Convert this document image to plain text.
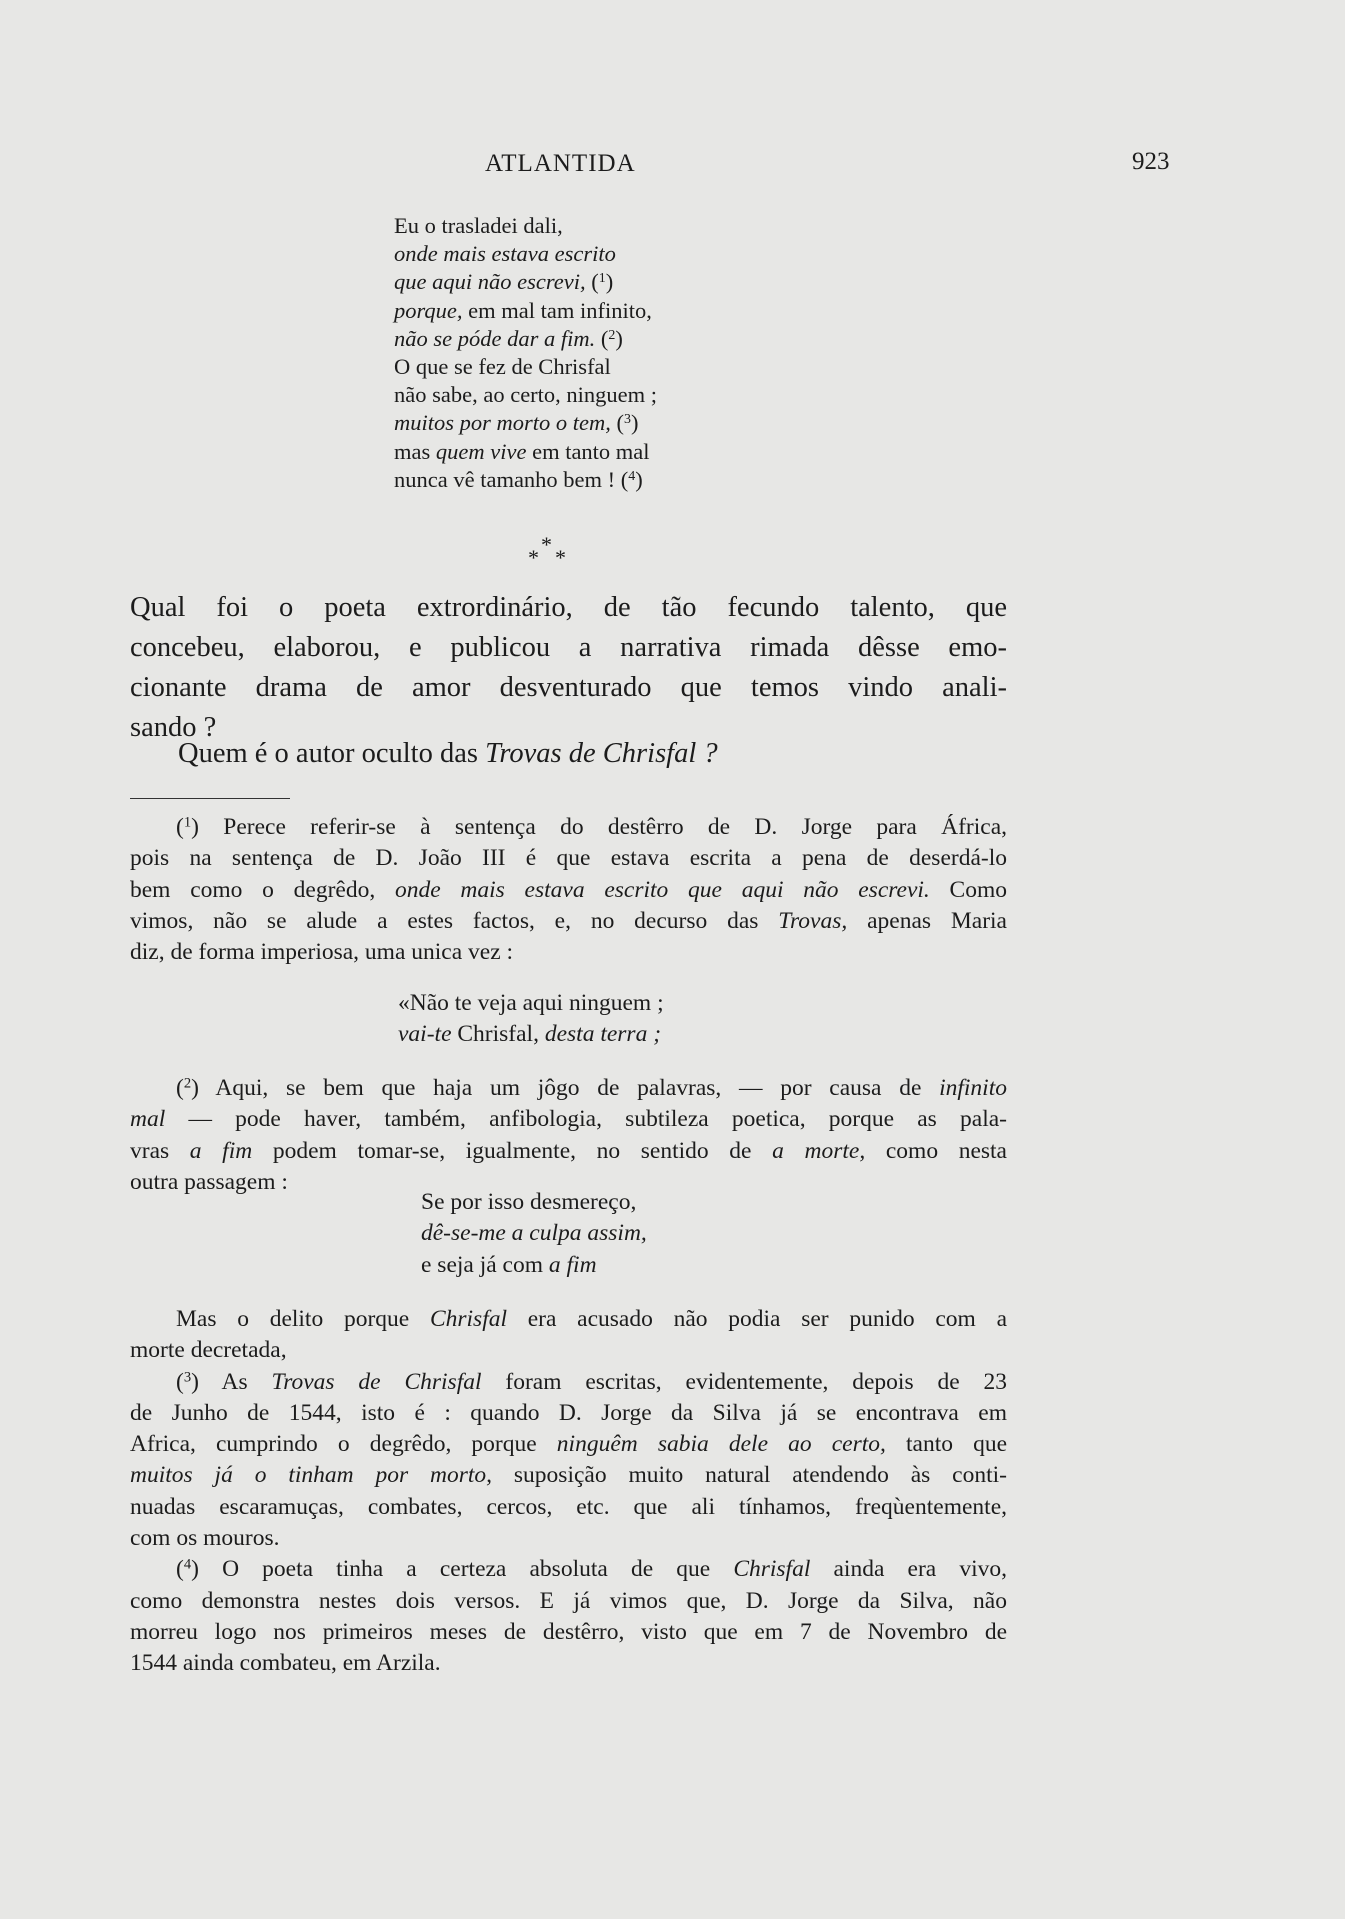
ATLANTIDA	923
Eu o trasladei dali,
onde mais estava escrito
que aqui não escrevi, ($^1$)
porque, em mal tam infinito,
não se póde dar a fim. ($^2$)
O que se fez de Chrisfal
não sabe, ao certo, ninguem ;
muitos por morto o tem, ($^3$)
mas quem vive em tanto mal
nunca vê tamanho bem ! ($^4$)
*
* *
Qual foi o poeta extrordinário, de tão fecundo talento, que
concebeu, elaborou, e publicou a narrativa rimada dêsse emo-
cionante drama de amor desventurado que temos vindo anali-
sando ?
Quem é o autor oculto das Trovas de Chrisfal ?
($^1$) Perece referir-se à sentença do destêrro de D. Jorge para África,
pois na sentença de D. João III é que estava escrita a pena de deserdá-lo
bem como o degrêdo, onde mais estava escrito que aqui não escrevi. Como
vimos, não se alude a estes factos, e, no decurso das Trovas, apenas Maria
diz, de forma imperiosa, uma unica vez :
«Não te veja aqui ninguem ;
vai-te Chrisfal, desta terra ;
($^2$) Aqui, se bem que haja um jôgo de palavras, — por causa de infinito
mal — pode haver, também, anfibologia, subtileza poetica, porque as pala-
vras a fim podem tomar-se, igualmente, no sentido de a morte, como nesta
outra passagem :
Se por isso desmereço,
dê-se-me a culpa assim,
e seja já com a fim
Mas o delito porque Chrisfal era acusado não podia ser punido com a
morte decretada,
($^3$) As Trovas de Chrisfal foram escritas, evidentemente, depois de 23
de Junho de 1544, isto é : quando D. Jorge da Silva já se encontrava em
Africa, cumprindo o degrêdo, porque ninguêm sabia dele ao certo, tanto que
muitos já o tinham por morto, suposição muito natural atendendo às conti-
nuadas escaramuças, combates, cercos, etc. que ali tínhamos, freqùentemente,
com os mouros.
($^4$) O poeta tinha a certeza absoluta de que Chrisfal ainda era vivo,
como demonstra nestes dois versos. E já vimos que, D. Jorge da Silva, não
morreu logo nos primeiros meses de destêrro, visto que em 7 de Novembro de
1544 ainda combateu, em Arzila.
